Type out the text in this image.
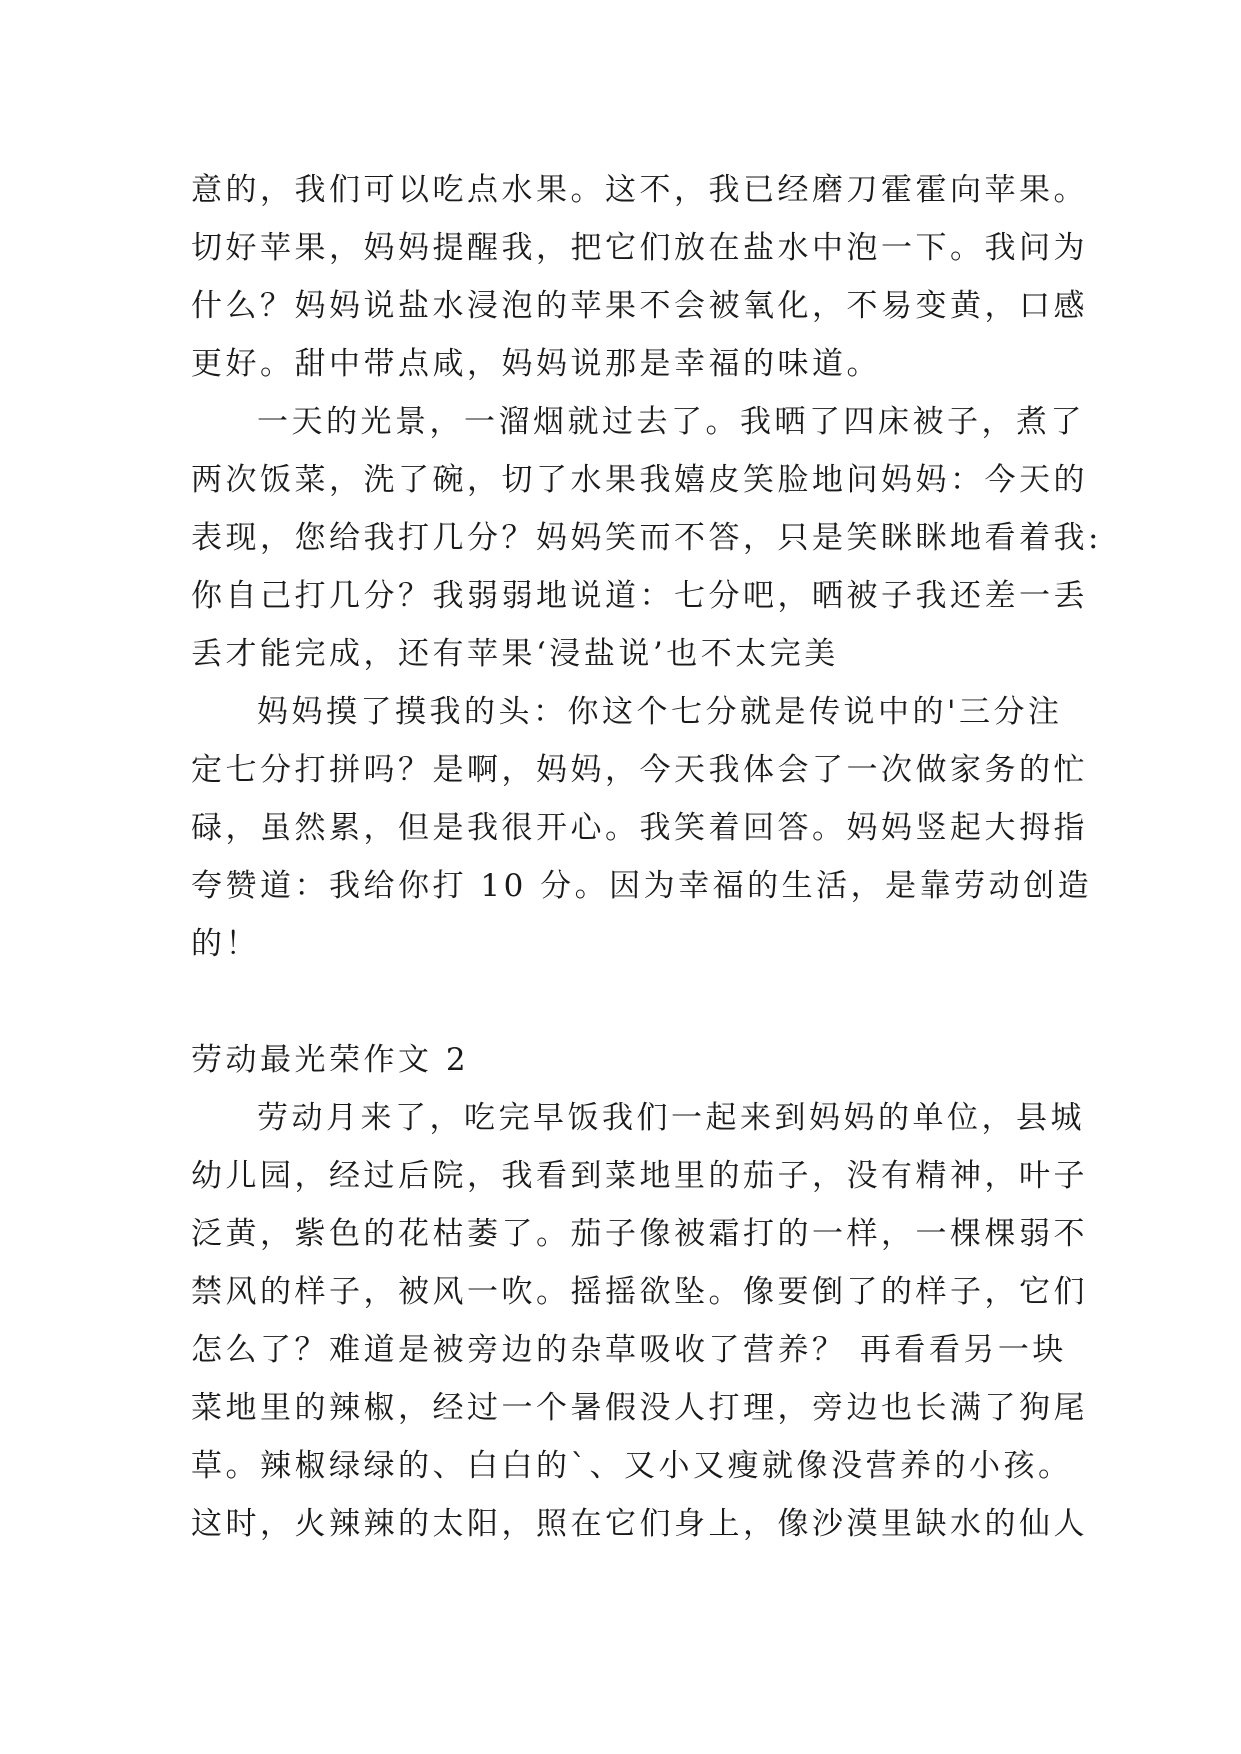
意的，我们可以吃点水果。这不，我已经磨刀霍霍向苹果。
切好苹果，妈妈提醒我，把它们放在盐水中泡一下。我问为
什么？妈妈说盐水浸泡的苹果不会被氧化，不易变黄，口感
更好。甜中带点咸，妈妈说那是幸福的味道。
一天的光景，一溜烟就过去了。我晒了四床被子，煮了
两次饭菜，洗了碗，切了水果我嬉皮笑脸地问妈妈：今天的
表现，您给我打几分？妈妈笑而不答，只是笑眯眯地看着我:
你自己打几分？我弱弱地说道：七分吧，晒被子我还差一丢
丢才能完成，还有苹果‘浸盐说’也不太完美
妈妈摸了摸我的头：你这个七分就是传说中的'三分注
定七分打拼吗？是啊，妈妈，今天我体会了一次做家务的忙
碌，虽然累，但是我很开心。我笑着回答。妈妈竖起大拇指
夸赞道：我给你打 10 分。因为幸福的生活，是靠劳动创造
的！
劳动最光荣作文 2
劳动月来了，吃完早饭我们一起来到妈妈的单位，县城
幼儿园，经过后院，我看到菜地里的茄子，没有精神，叶子
泛黄，紫色的花枯萎了。茄子像被霜打的一样，一棵棵弱不
禁风的样子，被风一吹。摇摇欲坠。像要倒了的样子，它们
怎么了？难道是被旁边的杂草吸收了营养？ 再看看另一块
菜地里的辣椒，经过一个暑假没人打理，旁边也长满了狗尾
草。辣椒绿绿的、白白的`、又小又瘦就像没营养的小孩。
这时，火辣辣的太阳，照在它们身上，像沙漠里缺水的仙人
